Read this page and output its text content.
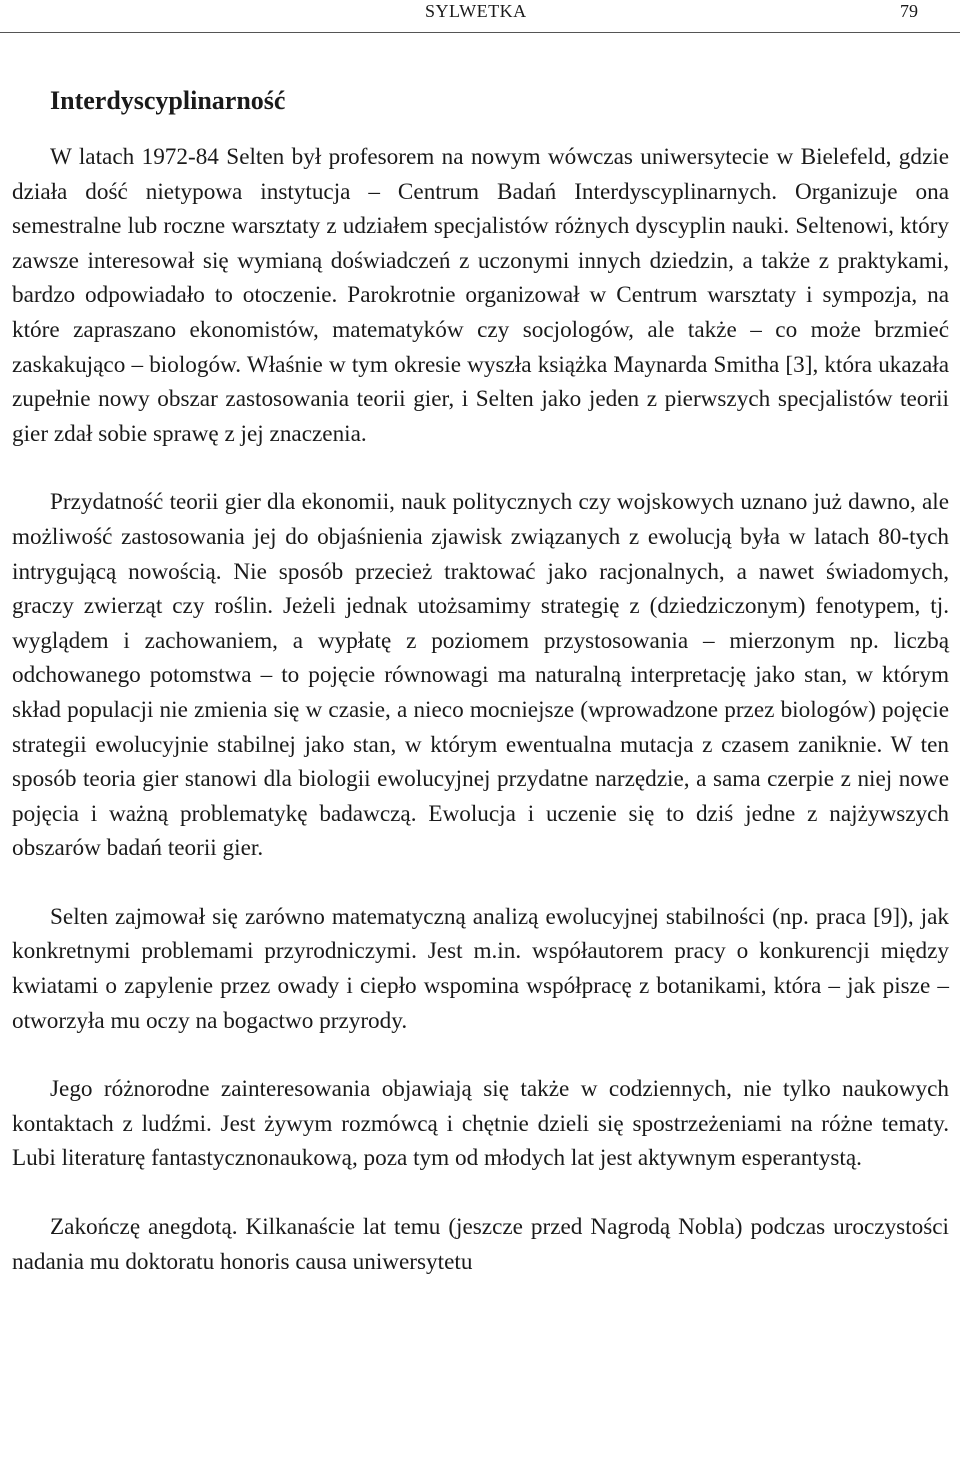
SYLWETKA	79
Interdyscyplinarność

W latach 1972-84 Selten był profesorem na nowym wówczas uniwersytecie w Bielefeld, gdzie działa dość nietypowa instytucja – Centrum Badań Interdyscyplinarnych. Organizuje ona semestralne lub roczne warsztaty z udziałem specjalistów różnych dyscyplin nauki. Seltenowi, który zawsze interesował się wymianą doświadczeń z uczonymi innych dziedzin, a także z praktykami, bardzo odpowiadało to otoczenie. Parokrotnie organizował w Centrum warsztaty i sympozja, na które zapraszano ekonomistów, matematyków czy socjologów, ale także – co może brzmieć zaskakująco – biologów. Właśnie w tym okresie wyszła książka Maynarda Smitha [3], która ukazała zupełnie nowy obszar zastosowania teorii gier, i Selten jako jeden z pierwszych specjalistów teorii gier zdał sobie sprawę z jej znaczenia.

Przydatność teorii gier dla ekonomii, nauk politycznych czy wojskowych uznano już dawno, ale możliwość zastosowania jej do objaśnienia zjawisk związanych z ewolucją była w latach 80-tych intrygującą nowością. Nie sposób przecież traktować jako racjonalnych, a nawet świadomych, graczy zwierząt czy roślin. Jeżeli jednak utożsamimy strategię z (dziedziczonym) fenotypem, tj. wyglądem i zachowaniem, a wypłatę z poziomem przystosowania – mierzonym np. liczbą odchowanego potomstwa – to pojęcie równowagi ma naturalną interpretację jako stan, w którym skład populacji nie zmienia się w czasie, a nieco mocniejsze (wprowadzone przez biologów) pojęcie strategii ewolucyjnie stabilnej jako stan, w którym ewentualna mutacja z czasem zaniknie. W ten sposób teoria gier stanowi dla biologii ewolucyjnej przydatne narzędzie, a sama czerpie z niej nowe pojęcia i ważną problematykę badawczą. Ewolucja i uczenie się to dziś jedne z najżywszych obszarów badań teorii gier.

Selten zajmował się zarówno matematyczną analizą ewolucyjnej stabilności (np. praca [9]), jak konkretnymi problemami przyrodniczymi. Jest m.in. współautorem pracy o konkurencji między kwiatami o zapylenie przez owady i ciepło wspomina współpracę z botanikami, która – jak pisze – otworzyła mu oczy na bogactwo przyrody.

Jego różnorodne zainteresowania objawiają się także w codziennych, nie tylko naukowych kontaktach z ludźmi. Jest żywym rozmówcą i chętnie dzieli się spostrzeżeniami na różne tematy. Lubi literaturę fantastycznonaukową, poza tym od młodych lat jest aktywnym esperantystą.

Zakończę anegdotą. Kilkanaście lat temu (jeszcze przed Nagrodą Nobla) podczas uroczystości nadania mu doktoratu honoris causa uniwersytetu
